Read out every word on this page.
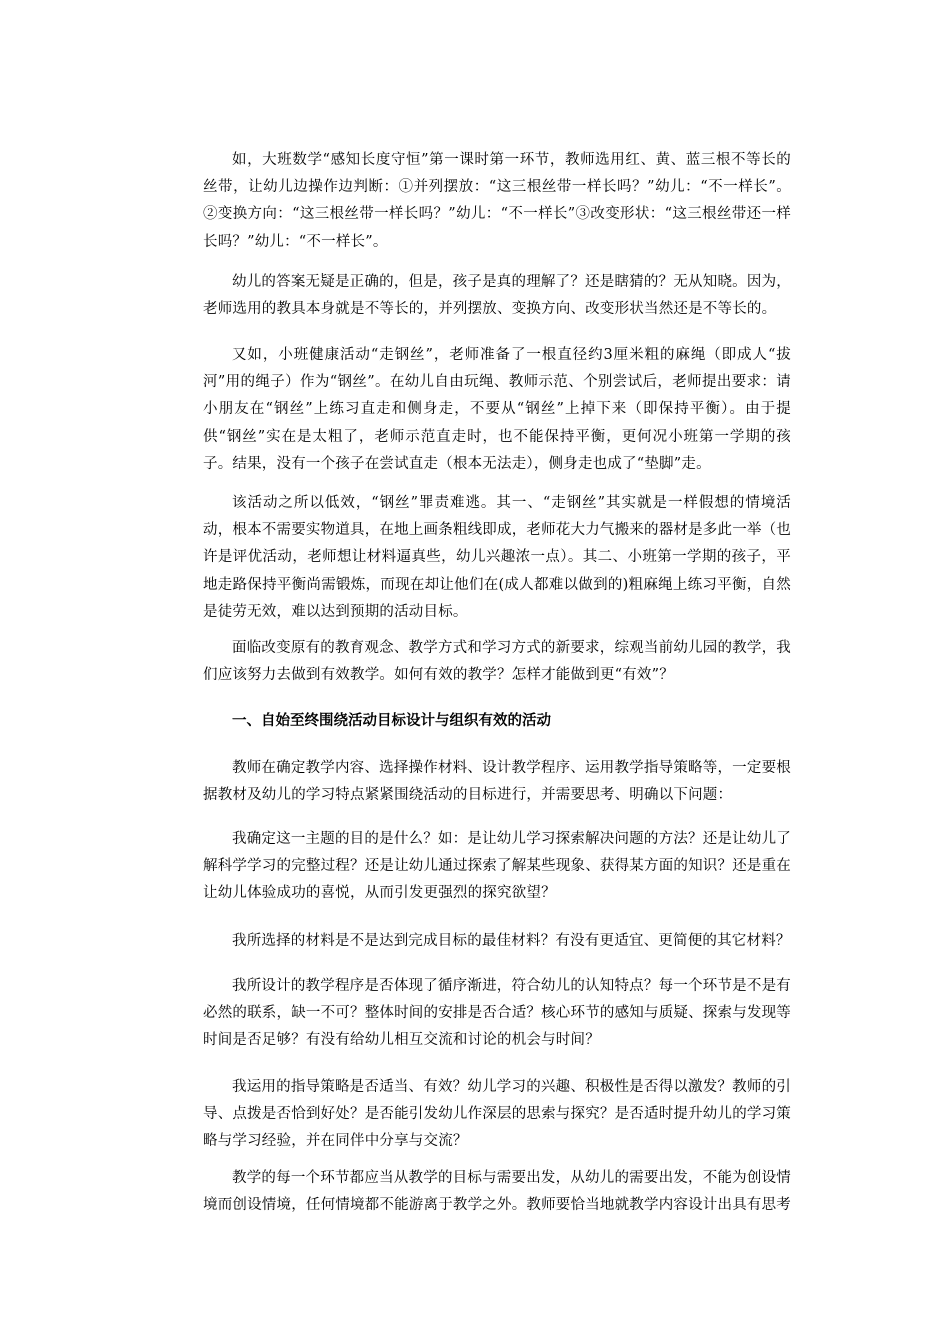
如，大班数学“感知长度守恒”第一课时第一环节，教师选用红、黄、蓝三根不等长的丝带，让幼儿边操作边判断：①并列摆放：“这三根丝带一样长吗？”幼儿：“不一样长”。②变换方向：“这三根丝带一样长吗？”幼儿：“不一样长”③改变形状：“这三根丝带还一样长吗？”幼儿：“不一样长”。

幼儿的答案无疑是正确的，但是，孩子是真的理解了？还是瞎猜的？无从知晓。因为，老师选用的教具本身就是不等长的，并列摆放、变换方向、改变形状当然还是不等长的。

又如，小班健康活动“走钢丝”，老师准备了一根直径约3厘米粗的麻绳（即成人“拔河”用的绳子）作为“钢丝”。在幼儿自由玩绳、教师示范、个别尝试后，老师提出要求：请小朋友在“钢丝”上练习直走和侧身走，不要从“钢丝”上掉下来（即保持平衡）。由于提供“钢丝”实在是太粗了，老师示范直走时，也不能保持平衡，更何况小班第一学期的孩子。结果，没有一个孩子在尝试直走（根本无法走），侧身走也成了“垫脚”走。

该活动之所以低效，“钢丝”罪责难逃。其一、“走钢丝”其实就是一样假想的情境活动，根本不需要实物道具，在地上画条粗线即成，老师花大力气搬来的器材是多此一举（也许是评优活动，老师想让材料逼真些，幼儿兴趣浓一点）。其二、小班第一学期的孩子，平地走路保持平衡尚需锻炼，而现在却让他们在(成人都难以做到的)粗麻绳上练习平衡，自然是徒劳无效，难以达到预期的活动目标。

面临改变原有的教育观念、教学方式和学习方式的新要求，综观当前幼儿园的教学，我们应该努力去做到有效教学。如何有效的教学？怎样才能做到更“有效”？

一、自始至终围绕活动目标设计与组织有效的活动

教师在确定教学内容、选择操作材料、设计教学程序、运用教学指导策略等，一定要根据教材及幼儿的学习特点紧紧围绕活动的目标进行，并需要思考、明确以下问题：

我确定这一主题的目的是什么？如：是让幼儿学习探索解决问题的方法？还是让幼儿了解科学学习的完整过程？还是让幼儿通过探索了解某些现象、获得某方面的知识？还是重在让幼儿体验成功的喜悦，从而引发更强烈的探究欲望？

我所选择的材料是不是达到完成目标的最佳材料？有没有更适宜、更简便的其它材料？

我所设计的教学程序是否体现了循序渐进，符合幼儿的认知特点？每一个环节是不是有必然的联系，缺一不可？整体时间的安排是否合适？核心环节的感知与质疑、探索与发现等时间是否足够？有没有给幼儿相互交流和讨论的机会与时间？

我运用的指导策略是否适当、有效？幼儿学习的兴趣、积极性是否得以激发？教师的引导、点拨是否恰到好处？是否能引发幼儿作深层的思索与探究？是否适时提升幼儿的学习策略与学习经验，并在同伴中分享与交流？

教学的每一个环节都应当从教学的目标与需要出发，从幼儿的需要出发，不能为创设情境而创设情境，任何情境都不能游离于教学之外。教师要恰当地就教学内容设计出具有思考
